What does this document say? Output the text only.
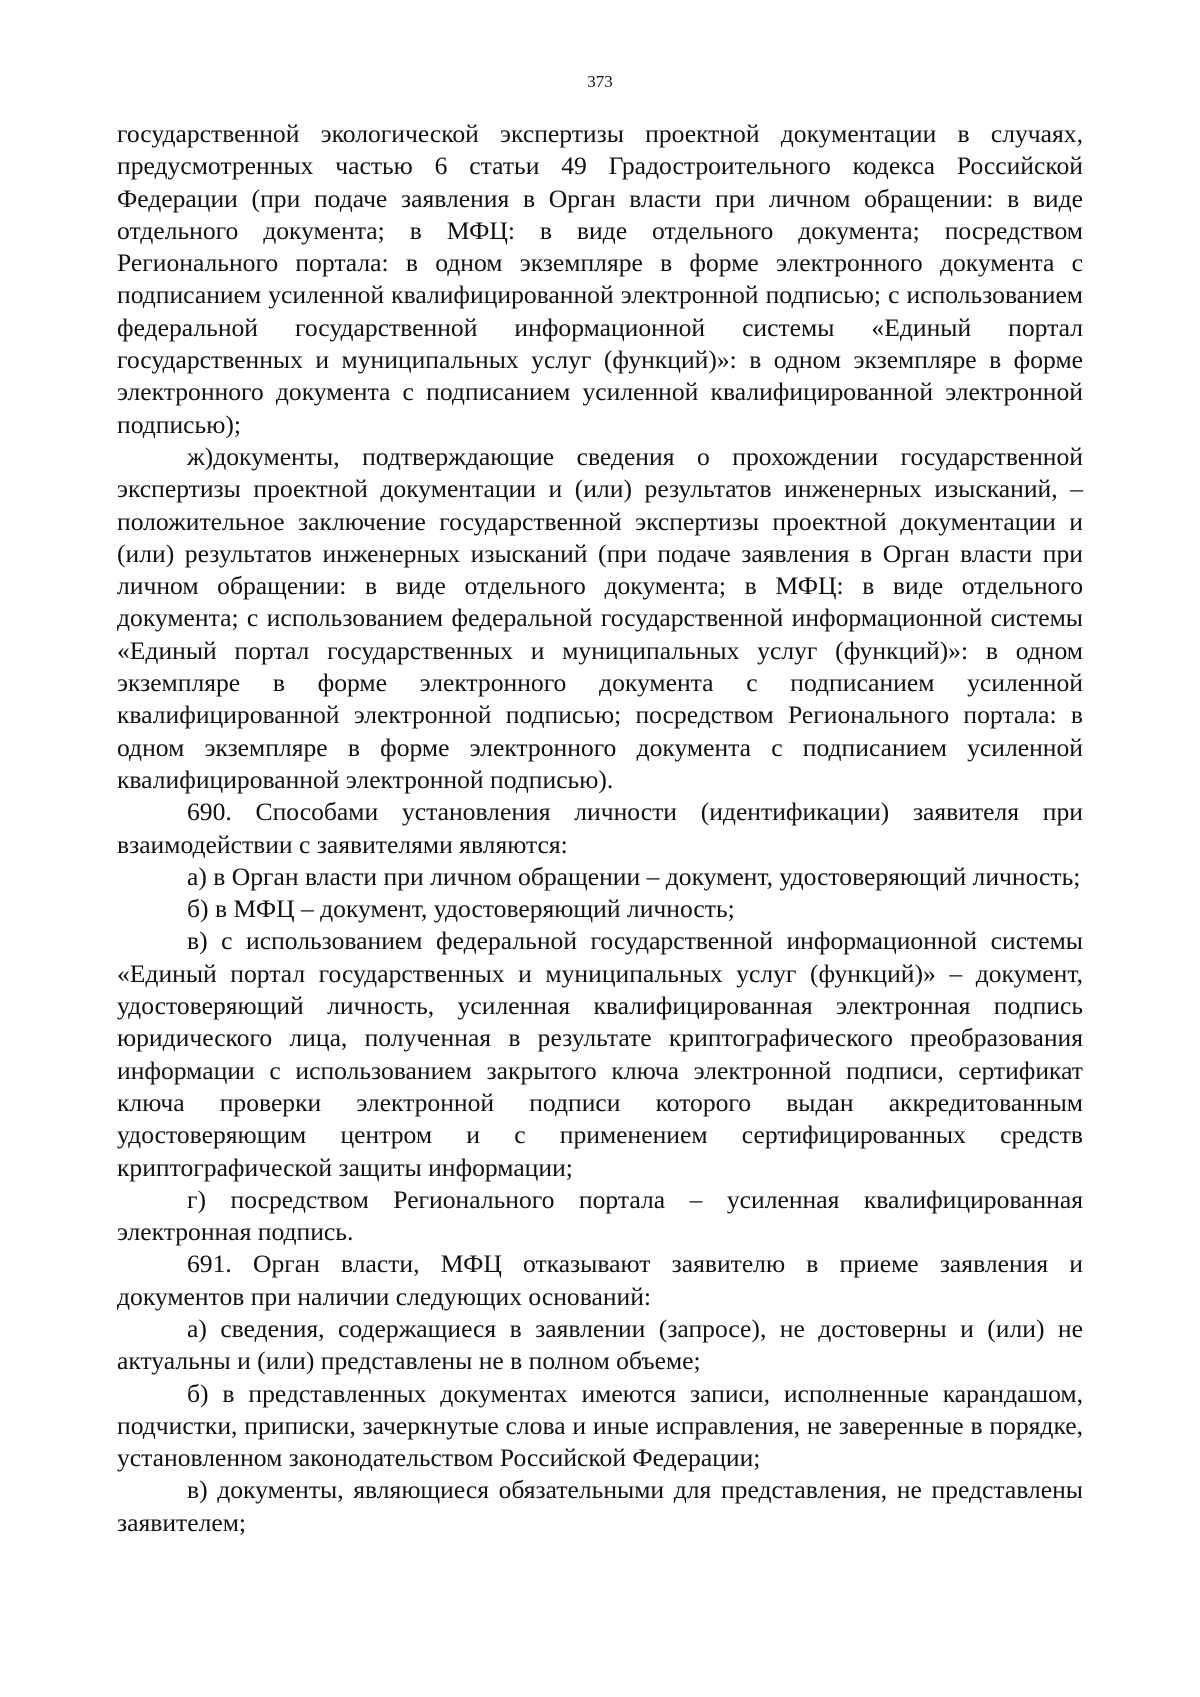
373

государственной экологической экспертизы проектной документации в случаях, предусмотренных частью 6 статьи 49 Градостроительного кодекса Российской Федерации (при подаче заявления в Орган власти при личном обращении: в виде отдельного документа; в МФЦ: в виде отдельного документа; посредством Регионального портала: в одном экземпляре в форме электронного документа с подписанием усиленной квалифицированной электронной подписью; с использованием федеральной государственной информационной системы «Единый портал государственных и муниципальных услуг (функций)»: в одном экземпляре в форме электронного документа с подписанием усиленной квалифицированной электронной подписью);

ж)документы, подтверждающие сведения о прохождении государственной экспертизы проектной документации и (или) результатов инженерных изысканий, – положительное заключение государственной экспертизы проектной документации и (или) результатов инженерных изысканий (при подаче заявления в Орган власти при личном обращении: в виде отдельного документа; в МФЦ: в виде отдельного документа; с использованием федеральной государственной информационной системы «Единый портал государственных и муниципальных услуг (функций)»: в одном экземпляре в форме электронного документа с подписанием усиленной квалифицированной электронной подписью; посредством Регионального портала: в одном экземпляре в форме электронного документа с подписанием усиленной квалифицированной электронной подписью).

690. Способами установления личности (идентификации) заявителя при взаимодействии с заявителями являются:

а) в Орган власти при личном обращении – документ, удостоверяющий личность;

б) в МФЦ – документ, удостоверяющий личность;

в) с использованием федеральной государственной информационной системы «Единый портал государственных и муниципальных услуг (функций)» – документ, удостоверяющий личность, усиленная квалифицированная электронная подпись юридического лица, полученная в результате криптографического преобразования информации с использованием закрытого ключа электронной подписи, сертификат ключа проверки электронной подписи которого выдан аккредитованным удостоверяющим центром и с применением сертифицированных средств криптографической защиты информации;

г) посредством Регионального портала – усиленная квалифицированная электронная подпись.

691. Орган власти, МФЦ отказывают заявителю в приеме заявления и документов при наличии следующих оснований:

а) сведения, содержащиеся в заявлении (запросе), не достоверны и (или) не актуальны и (или) представлены не в полном объеме;

б) в представленных документах имеются записи, исполненные карандашом, подчистки, приписки, зачеркнутые слова и иные исправления, не заверенные в порядке, установленном законодательством Российской Федерации;

в) документы, являющиеся обязательными для представления, не представлены заявителем;
